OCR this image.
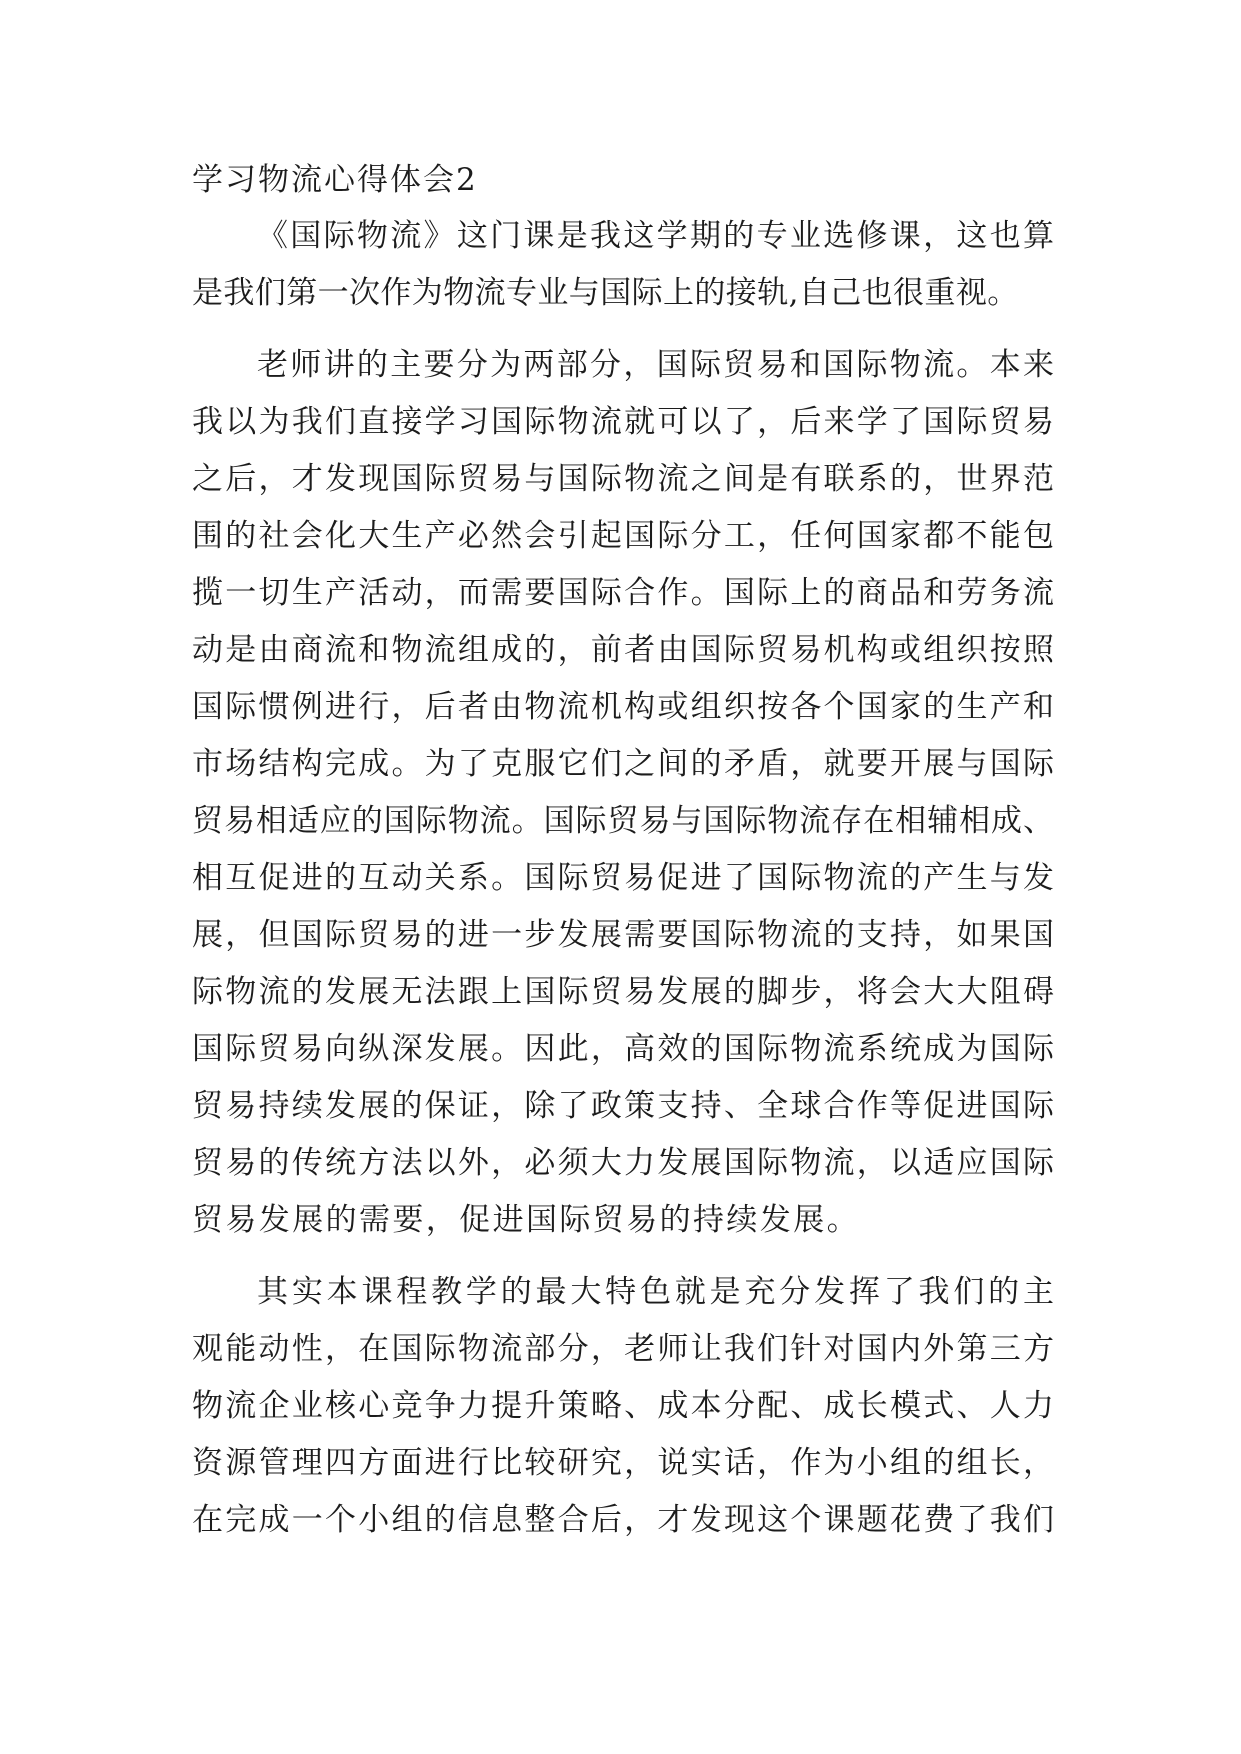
学习物流心得体会2
《国际物流》这门课是我这学期的专业选修课，这也算
是我们第一次作为物流专业与国际上的接轨,自己也很重视。
老师讲的主要分为两部分，国际贸易和国际物流。本来
我以为我们直接学习国际物流就可以了，后来学了国际贸易
之后，才发现国际贸易与国际物流之间是有联系的，世界范
围的社会化大生产必然会引起国际分工，任何国家都不能包
揽一切生产活动，而需要国际合作。国际上的商品和劳务流
动是由商流和物流组成的，前者由国际贸易机构或组织按照
国际惯例进行，后者由物流机构或组织按各个国家的生产和
市场结构完成。为了克服它们之间的矛盾，就要开展与国际
贸易相适应的国际物流。国际贸易与国际物流存在相辅相成、
相互促进的互动关系。国际贸易促进了国际物流的产生与发
展，但国际贸易的进一步发展需要国际物流的支持，如果国
际物流的发展无法跟上国际贸易发展的脚步，将会大大阻碍
国际贸易向纵深发展。因此，高效的国际物流系统成为国际
贸易持续发展的保证，除了政策支持、全球合作等促进国际
贸易的传统方法以外，必须大力发展国际物流，以适应国际
贸易发展的需要，促进国际贸易的持续发展。
其实本课程教学的最大特色就是充分发挥了我们的主
观能动性，在国际物流部分，老师让我们针对国内外第三方
物流企业核心竞争力提升策略、成本分配、成长模式、人力
资源管理四方面进行比较研究，说实话，作为小组的组长，
在完成一个小组的信息整合后，才发现这个课题花费了我们
